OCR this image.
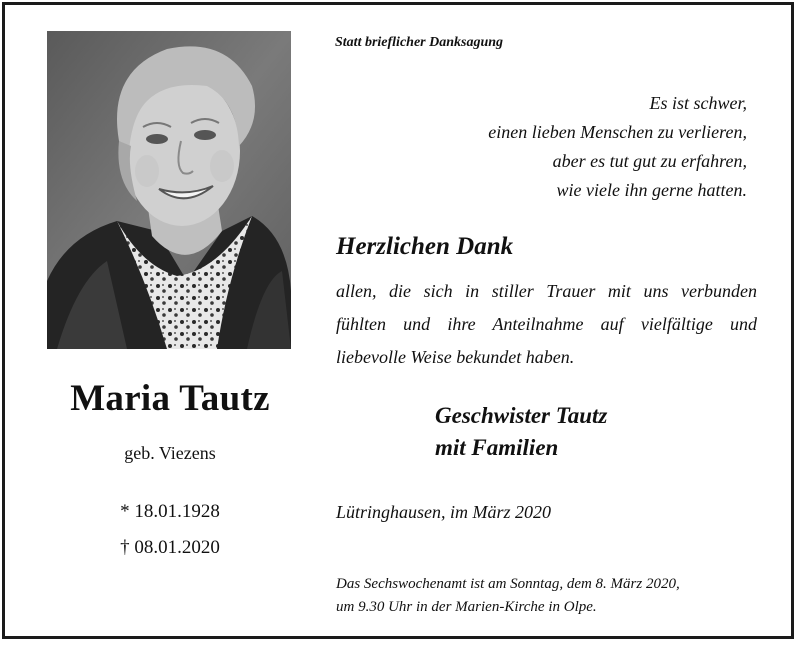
Maria Tautz
geb. Viezens
* 18.01.1928
† 08.01.2020
Statt brieflicher Danksagung
Es ist schwer,
einen lieben Menschen zu verlieren,
aber es tut gut zu erfahren,
wie viele ihn gerne hatten.
Herzlichen Dank
allen, die sich in stiller Trauer mit uns verbunden
fühlten und ihre Anteilnahme auf vielfältige und
liebevolle Weise bekundet haben.
Geschwister Tautz
mit Familien
Lütringhausen, im März 2020
Das Sechswochenamt ist am Sonntag, dem 8. März 2020,
um 9.30 Uhr in der Marien-Kirche in Olpe.
